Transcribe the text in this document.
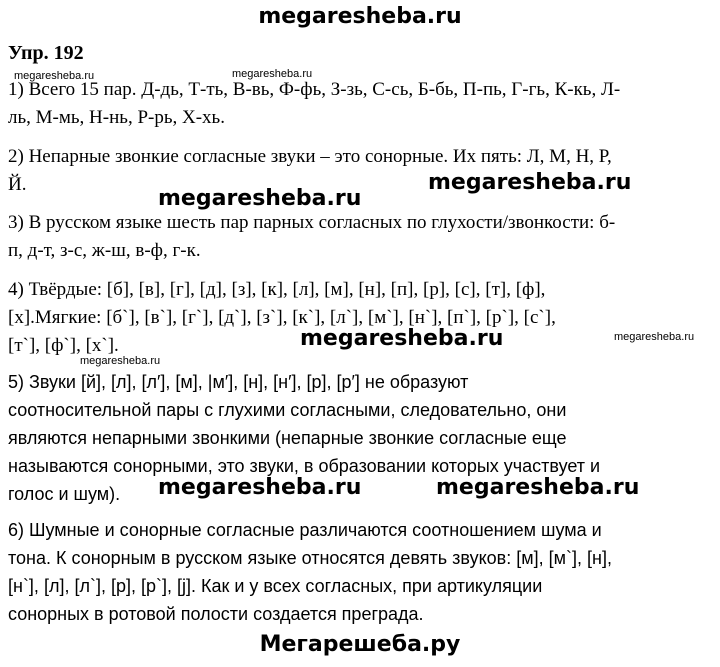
megaresheba.ru
Упр. 192

1) Всего 15 пар. Д-дь, Т-ть, В-вь, Ф-фь, З-зь, С-сь, Б-бь, П-пь, Г-гь, К-кь, Л-
ль, М-мь, Н-нь, Р-рь, Х-хь.

2) Непарные звонкие согласные звуки – это сонорные. Их пять: Л, М, Н, Р,
Й.

3) В русском языке шесть пар парных согласных по глухости/звонкости: б-
п, д-т, з-с, ж-ш, в-ф, г-к.

4) Твёрдые: [б], [в], [г], [д], [з], [к], [л], [м], [н], [п], [р], [с], [т], [ф],
[х].Мягкие: [б`], [в`], [г`], [д`], [з`], [к`], [л`], [м`], [н`], [п`], [р`], [с`],
[т`], [ф`], [х`].

5) Звуки [й], [л], [л′], [м], |м′], [н], [н′], [р], [р′] не образуют
соотносительной пары с глухими согласными, следовательно, они
являются непарными звонкими (непарные звонкие согласные еще
называются сонорными, это звуки, в образовании которых участвует и
голос и шум).

6) Шумные и сонорные согласные различаются соотношением шума и
тона. К сонорным в русском языке относятся девять звуков: [м], [м`], [н],
[н`], [л], [л`], [р], [р`], [j]. Как и у всех согласных, при артикуляции
сонорных в ротовой полости создается преграда.

megaresheba.ru	megaresheba.ru
megaresheba.ru
megaresheba.ru
megaresheba.ru
megaresheba.ru	megaresheba.ru
megaresheba.ru	megaresheba.ru
Мегарешеба.ру
